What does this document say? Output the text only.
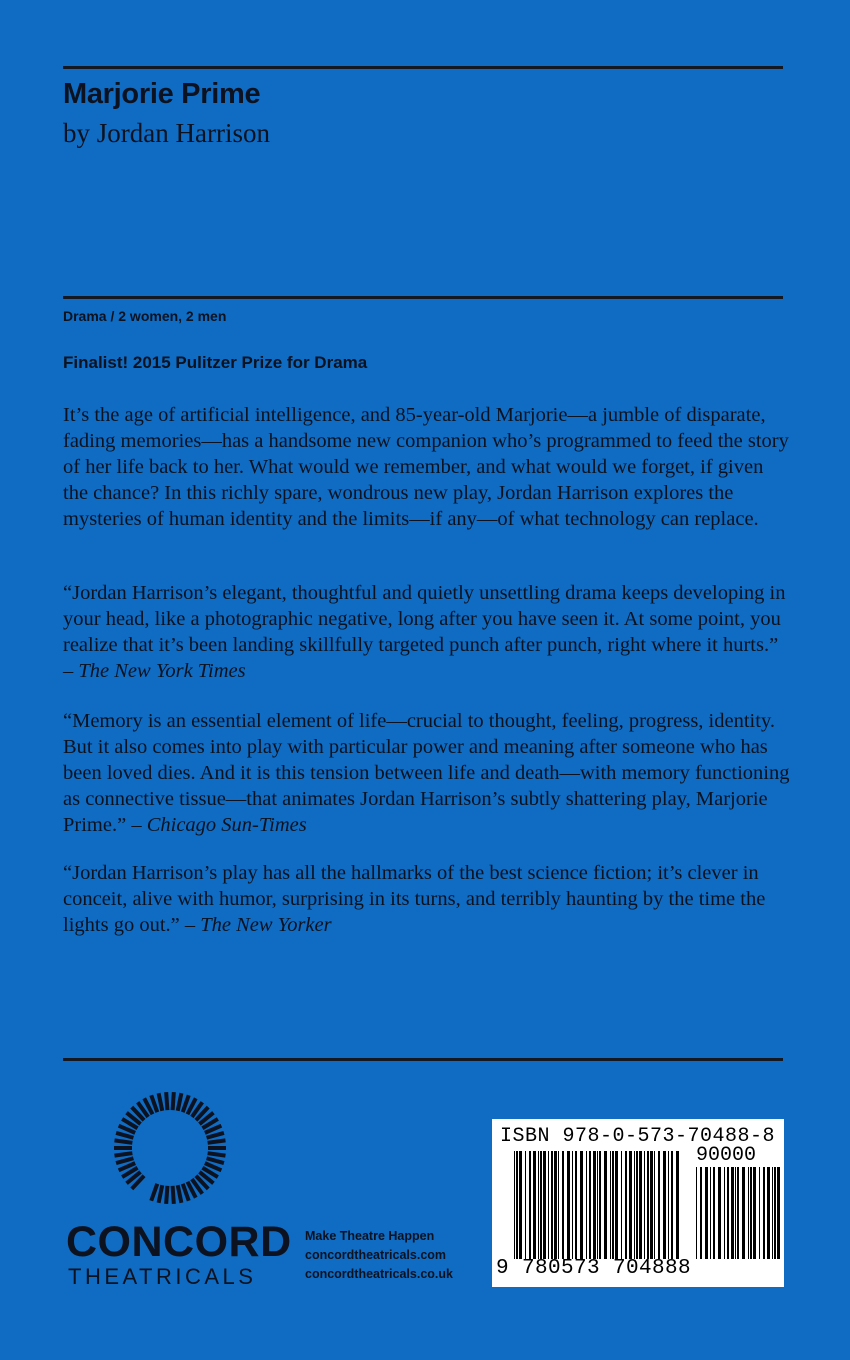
Marjorie Prime
by Jordan Harrison
Drama / 2 women, 2 men
Finalist! 2015 Pulitzer Prize for Drama

It’s the age of artificial intelligence, and 85-year-old Marjorie—a jumble of disparate, fading memories—has a handsome new companion who’s programmed to feed the story of her life back to her. What would we remember, and what would we forget, if given the chance? In this richly spare, wondrous new play, Jordan Harrison explores the mysteries of human identity and the limits—if any—of what technology can replace.

“Jordan Harrison’s elegant, thoughtful and quietly unsettling drama keeps developing in your head, like a photographic negative, long after you have seen it. At some point, you realize that it’s been landing skillfully targeted punch after punch, right where it hurts.” – The New York Times

“Memory is an essential element of life—crucial to thought, feeling, progress, identity. But it also comes into play with particular power and meaning after someone who has been loved dies. And it is this tension between life and death—with memory functioning as connective tissue—that animates Jordan Harrison’s subtly shattering play, Marjorie Prime.” – Chicago Sun-Times

“Jordan Harrison’s play has all the hallmarks of the best science fiction; it’s clever in conceit, alive with humor, surprising in its turns, and terribly haunting by the time the lights go out.” – The New Yorker

CONCORD
THEATRICALS
Make Theatre Happen
concordtheatricals.com
concordtheatricals.co.uk
ISBN 978-0-573-70488-8
90000
9 780573 704888
